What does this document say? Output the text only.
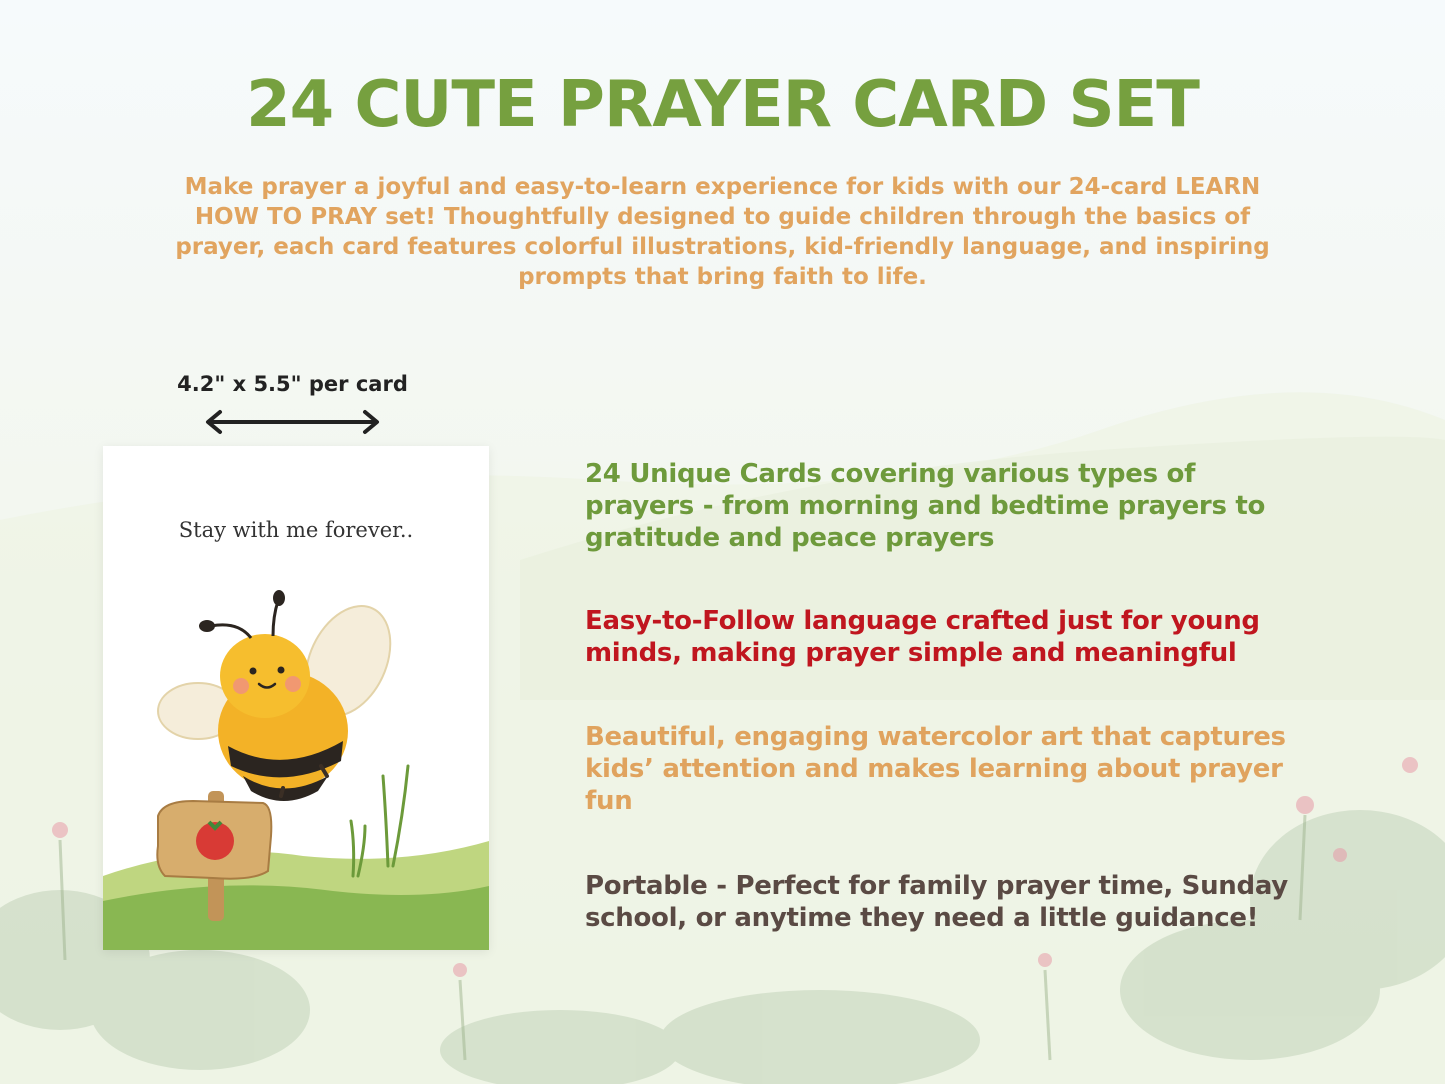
24 CUTE PRAYER CARD SET

Make prayer a joyful and easy-to-learn experience for kids with our 24-card LEARN HOW TO PRAY set! Thoughtfully designed to guide children through the basics of prayer, each card features colorful illustrations, kid-friendly language, and inspiring prompts that bring faith to life.

4.2" x 5.5" per card
Stay with me forever..

24 Unique Cards covering various types of prayers - from morning and bedtime prayers to gratitude and peace prayers

Easy-to-Follow language crafted just for young minds, making prayer simple and meaningful

Beautiful, engaging watercolor art that captures kids’ attention and makes learning about prayer fun

Portable - Perfect for family prayer time, Sunday school, or anytime they need a little guidance!
